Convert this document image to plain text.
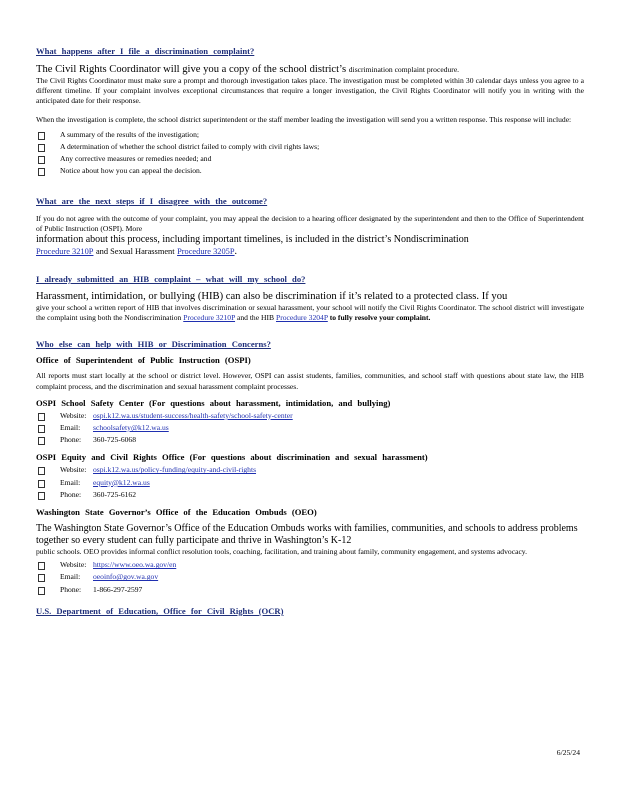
What happens after I file a discrimination complaint?

The Civil Rights Coordinator will give you a copy of the school district’s discrimination complaint procedure.

The Civil Rights Coordinator must make sure a prompt and thorough investigation takes place. The investigation must be completed within 30 calendar days unless you agree to a different timeline. If your complaint involves exceptional circumstances that require a longer investigation, the Civil Rights Coordinator will notify you in writing with the anticipated date for their response.

When the investigation is complete, the school district superintendent or the staff member leading the investigation will send you a written response. This response will include:

A summary of the results of the investigation;
A determination of whether the school district failed to comply with civil rights laws;
Any corrective measures or remedies needed; and
Notice about how you can appeal the decision.

What are the next steps if I disagree with the outcome?

If you do not agree with the outcome of your complaint, you may appeal the decision to a hearing officer designated by the superintendent and then to the Office of Superintendent of Public Instruction (OSPI). More

information about this process, including important timelines, is included in the district’s Nondiscrimination
Procedure 3210P and Sexual Harassment Procedure 3205P.

I already submitted an HIB complaint – what will my school do?

Harassment, intimidation, or bullying (HIB) can also be discrimination if it’s related to a protected class. If you

give your school a written report of HIB that involves discrimination or sexual harassment, your school will notify the Civil Rights Coordinator. The school district will investigate the complaint using both the Nondiscrimination Procedure 3210P and the HIB Procedure 3204P to fully resolve your complaint.

Who else can help with HIB or Discrimination Concerns?

Office of Superintendent of Public Instruction (OSPI)

All reports must start locally at the school or district level. However, OSPI can assist students, families, communities, and school staff with questions about state law, the HIB complaint process, and the discrimination and sexual harassment complaint processes.

OSPI School Safety Center (For questions about harassment, intimidation, and bullying)

Website: ospi.k12.wa.us/student-success/health-safety/school-safety-center
Email: schoolsafety@k12.wa.us
Phone: 360-725-6068

OSPI Equity and Civil Rights Office (For questions about discrimination and sexual harassment)

Website: ospi.k12.wa.us/policy-funding/equity-and-civil-rights
Email: equity@k12.wa.us
Phone: 360-725-6162

Washington State Governor’s Office of the Education Ombuds (OEO)

The Washington State Governor’s Office of the Education Ombuds works with families, communities, and schools to address problems together so every student can fully participate and thrive in Washington’s K-12

public schools. OEO provides informal conflict resolution tools, coaching, facilitation, and training about family, community engagement, and systems advocacy.

Website: https://www.oeo.wa.gov/en
Email: oeoinfo@gov.wa.gov
Phone: 1-866-297-2597

U.S. Department of Education, Office for Civil Rights (OCR)

6/25/24
